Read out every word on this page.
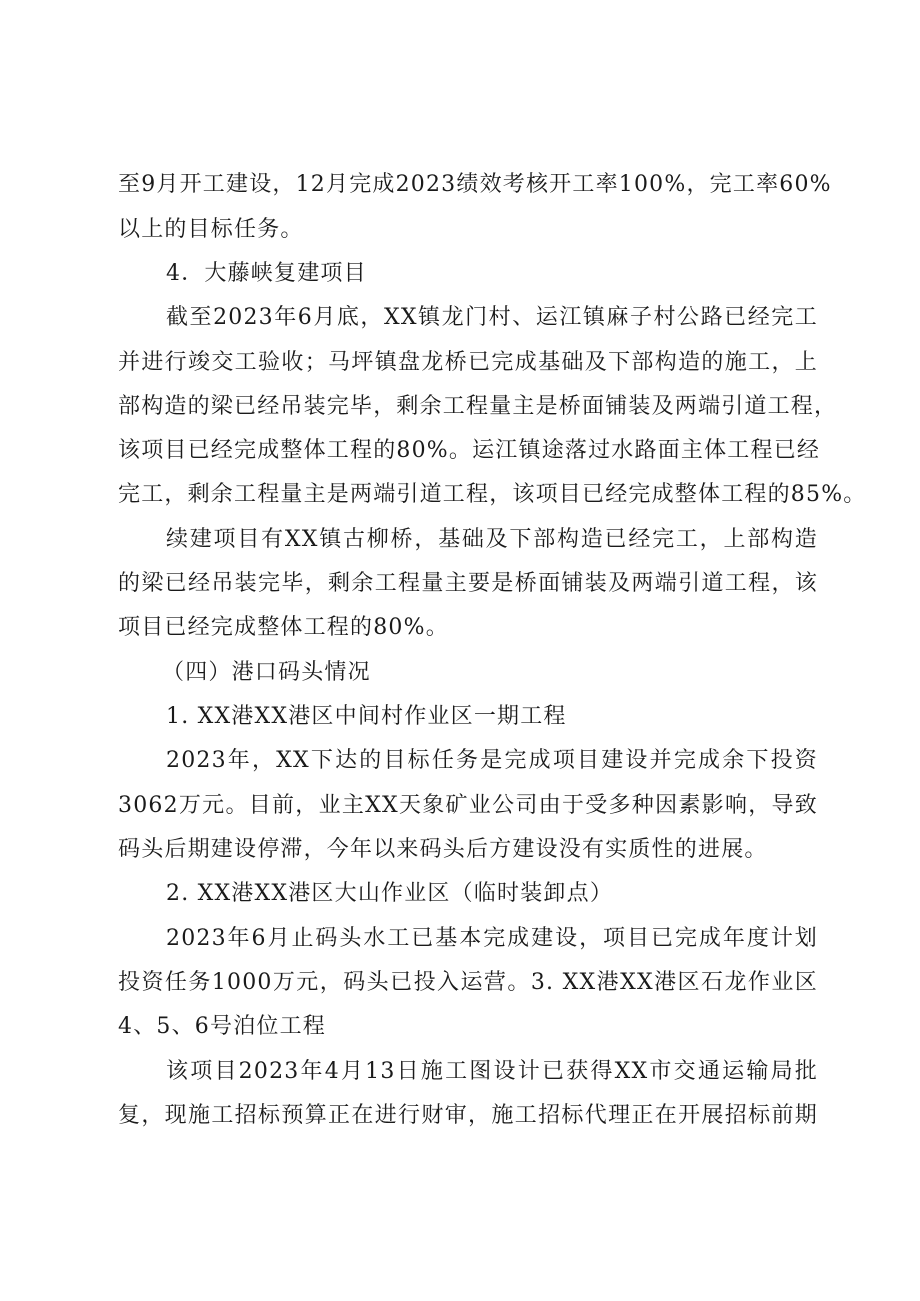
至9月开工建设，12月完成2023绩效考核开工率100%，完工率60%
以上的目标任务。
4．大藤峡复建项目
截至2023年6月底，XX镇龙门村、运江镇麻子村公路已经完工
并进行竣交工验收；马坪镇盘龙桥已完成基础及下部构造的施工，上
部构造的梁已经吊装完毕，剩余工程量主是桥面铺装及两端引道工程，
该项目已经完成整体工程的80%。运江镇途落过水路面主体工程已经
完工，剩余工程量主是两端引道工程，该项目已经完成整体工程的85%。
续建项目有XX镇古柳桥，基础及下部构造已经完工，上部构造
的梁已经吊装完毕，剩余工程量主要是桥面铺装及两端引道工程，该
项目已经完成整体工程的80%。
（四）港口码头情况
1. XX港XX港区中间村作业区一期工程
2023年，XX下达的目标任务是完成项目建设并完成余下投资
3062万元。目前，业主XX天象矿业公司由于受多种因素影响，导致
码头后期建设停滞，今年以来码头后方建设没有实质性的进展。
2. XX港XX港区大山作业区（临时装卸点）
2023年6月止码头水工已基本完成建设，项目已完成年度计划
投资任务1000万元，码头已投入运营。3. XX港XX港区石龙作业区
4、5、6号泊位工程
该项目2023年4月13日施工图设计已获得XX市交通运输局批
复，现施工招标预算正在进行财审，施工招标代理正在开展招标前期
